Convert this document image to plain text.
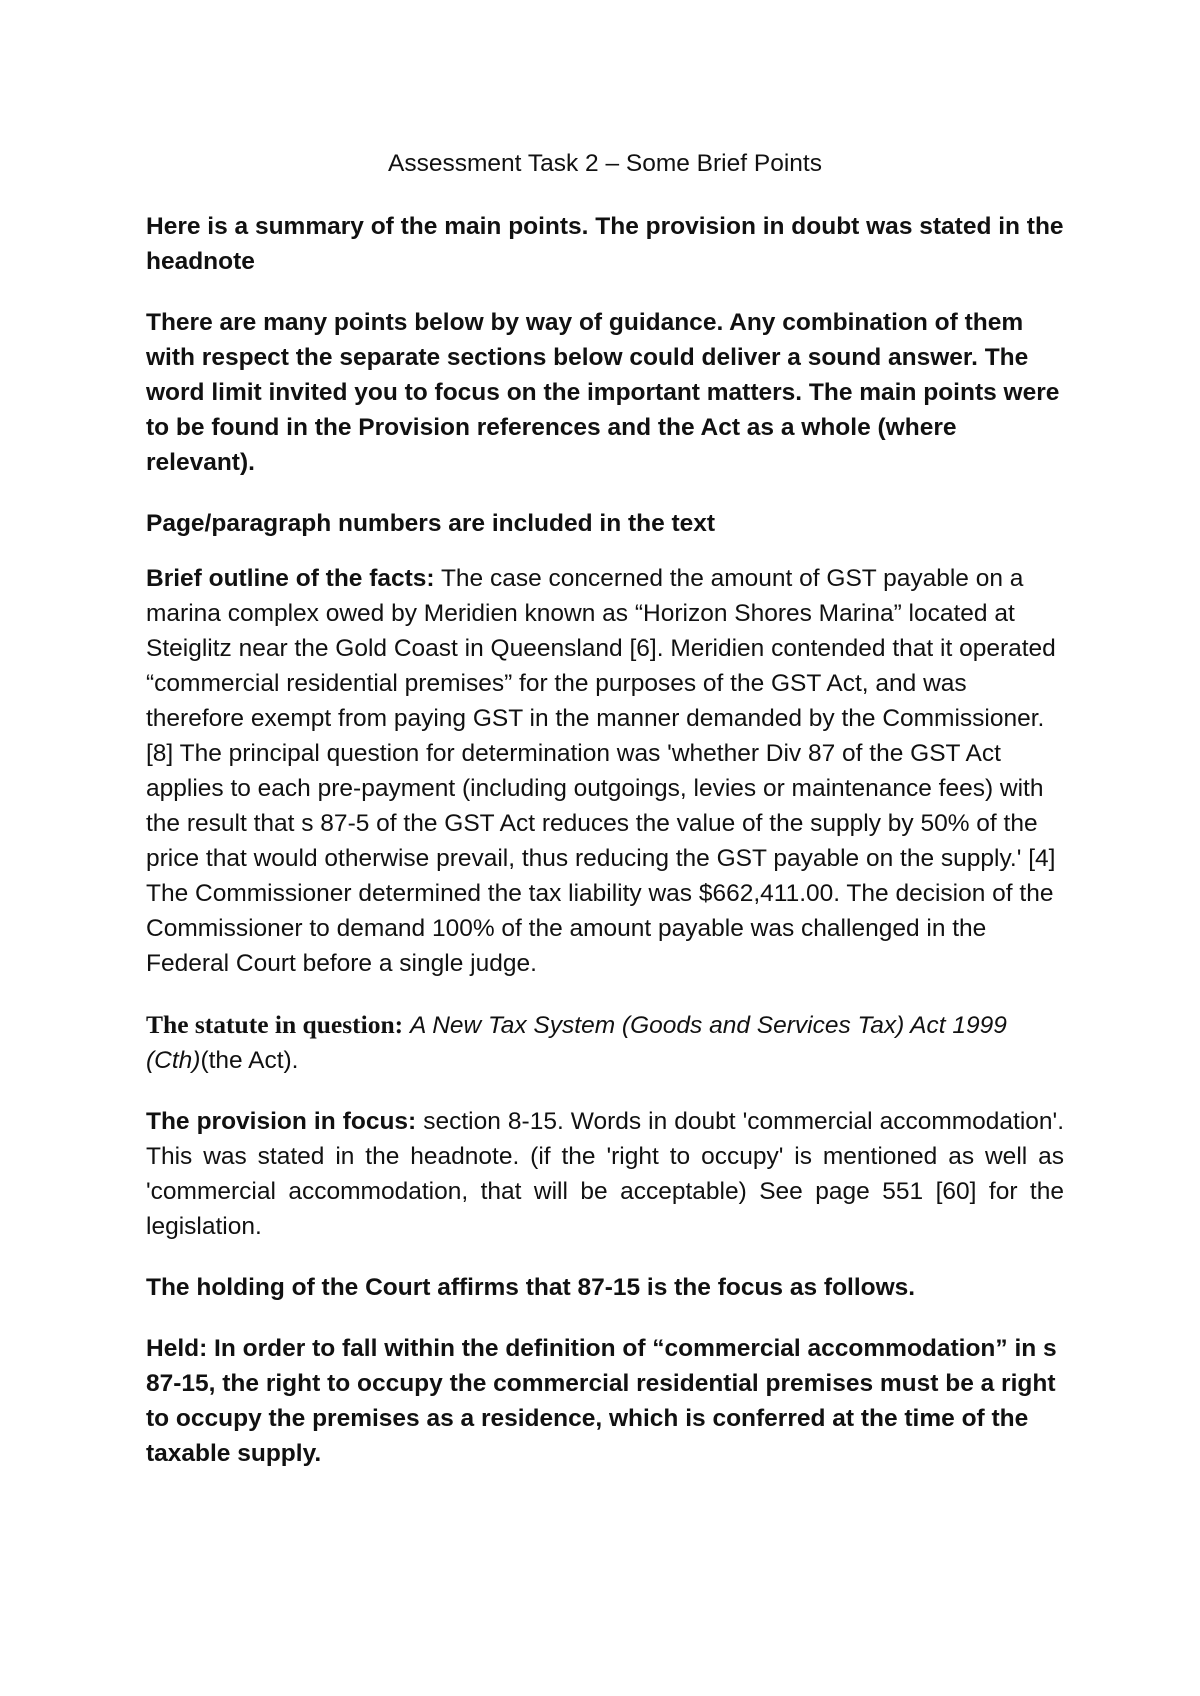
Assessment Task 2 – Some Brief Points

Here is a summary of the main points. The provision in doubt was stated in the headnote

There are many points below by way of guidance. Any combination of them with respect the separate sections below could deliver a sound answer. The word limit invited you to focus on the important matters. The main points were to be found in the Provision references and the Act as a whole (where relevant).

Page/paragraph numbers are included in the text

Brief outline of the facts: The case concerned the amount of GST payable on a marina complex owed by Meridien known as “Horizon Shores Marina” located at Steiglitz near the Gold Coast in Queensland [6]. Meridien contended that it operated “commercial residential premises” for the purposes of the GST Act, and was therefore exempt from paying GST in the manner demanded by the Commissioner.[8] The principal question for determination was 'whether Div 87 of the GST Act applies to each pre-payment (including outgoings, levies or maintenance fees) with the result that s 87-5 of the GST Act reduces the value of the supply by 50% of the price that would otherwise prevail, thus reducing the GST payable on the supply.' [4] The Commissioner determined the tax liability was $662,411.00. The decision of the Commissioner to demand 100% of the amount payable was challenged in the Federal Court before a single judge.

The statute in question: A New Tax System (Goods and Services Tax) Act 1999 (Cth)(the Act).

The provision in focus: section 8-15. Words in doubt 'commercial accommodation'. This was stated in the headnote. (if the 'right to occupy' is mentioned as well as 'commercial accommodation, that will be acceptable) See page 551 [60] for the legislation.

The holding of the Court affirms that 87-15 is the focus as follows.

Held: In order to fall within the definition of “commercial accommodation” in s 87-15, the right to occupy the commercial residential premises must be a right to occupy the premises as a residence, which is conferred at the time of the taxable supply.
